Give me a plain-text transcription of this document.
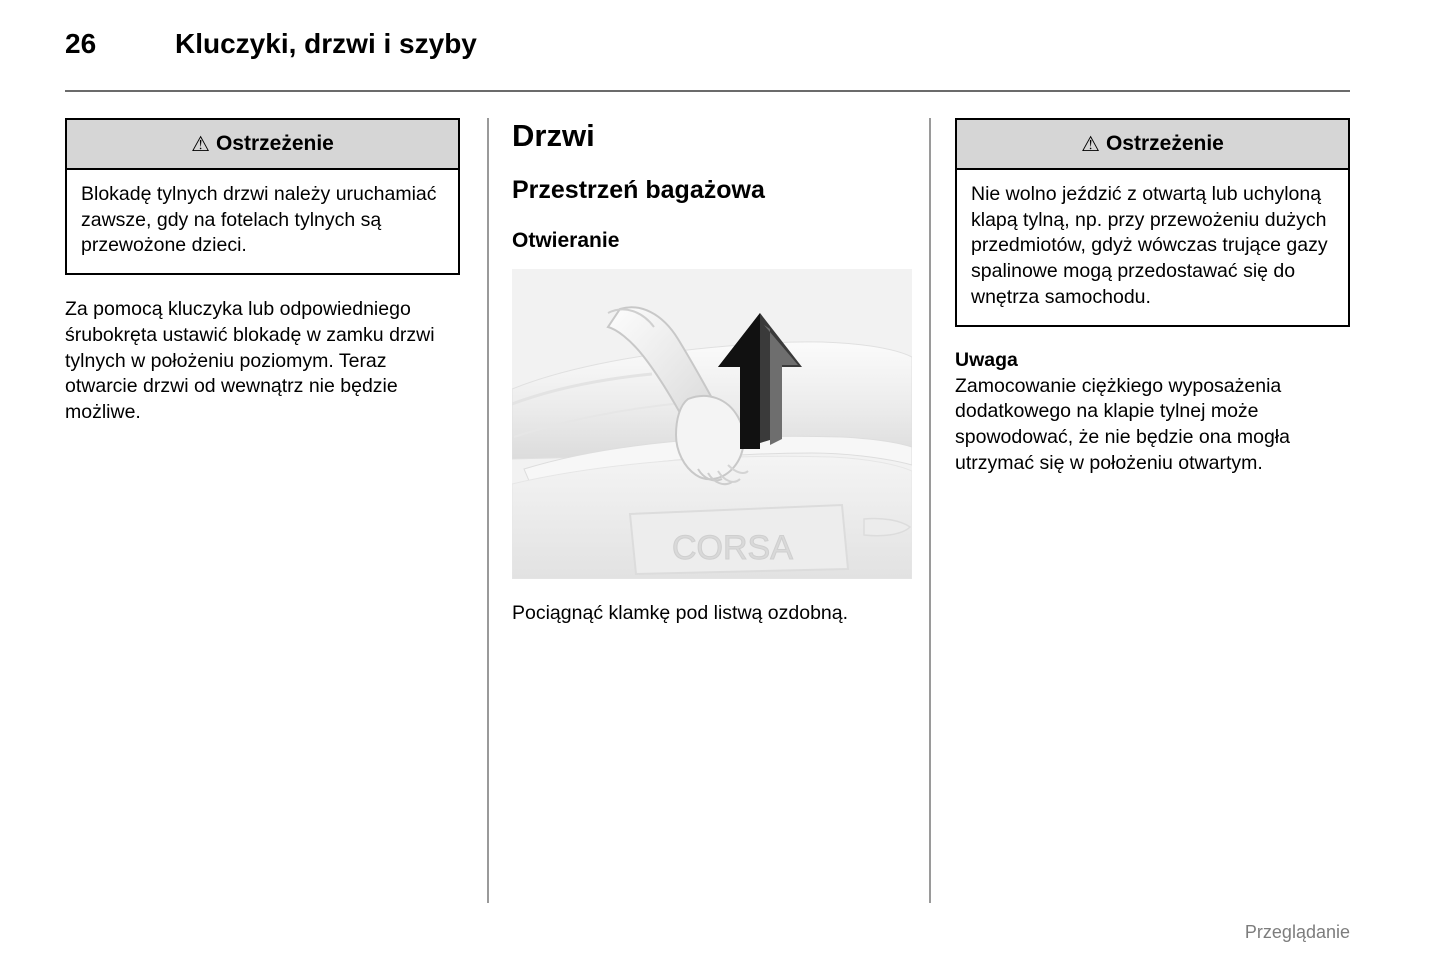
26	Kluczyki, drzwi i szyby
⚠ Ostrzeżenie
Blokadę tylnych drzwi należy uruchamiać zawsze, gdy na fotelach tylnych są przewożone dzieci.

Za pomocą kluczyka lub odpowiedniego śrubokręta ustawić blokadę w zamku drzwi tylnych w położeniu poziomym. Teraz otwarcie drzwi od wewnątrz nie będzie możliwe.

Drzwi
Przestrzeń bagażowa
Otwieranie
CORSA

Pociągnąć klamkę pod listwą ozdobną.

⚠ Ostrzeżenie
Nie wolno jeździć z otwartą lub uchyloną klapą tylną, np. przy przewożeniu dużych przedmiotów, gdyż wówczas trujące gazy spalinowe mogą przedostawać się do wnętrza samochodu.
Uwaga

Zamocowanie ciężkiego wyposażenia dodatkowego na klapie tylnej może spowodować, że nie będzie ona mogła utrzymać się w położeniu otwartym.

Przeglądanie
